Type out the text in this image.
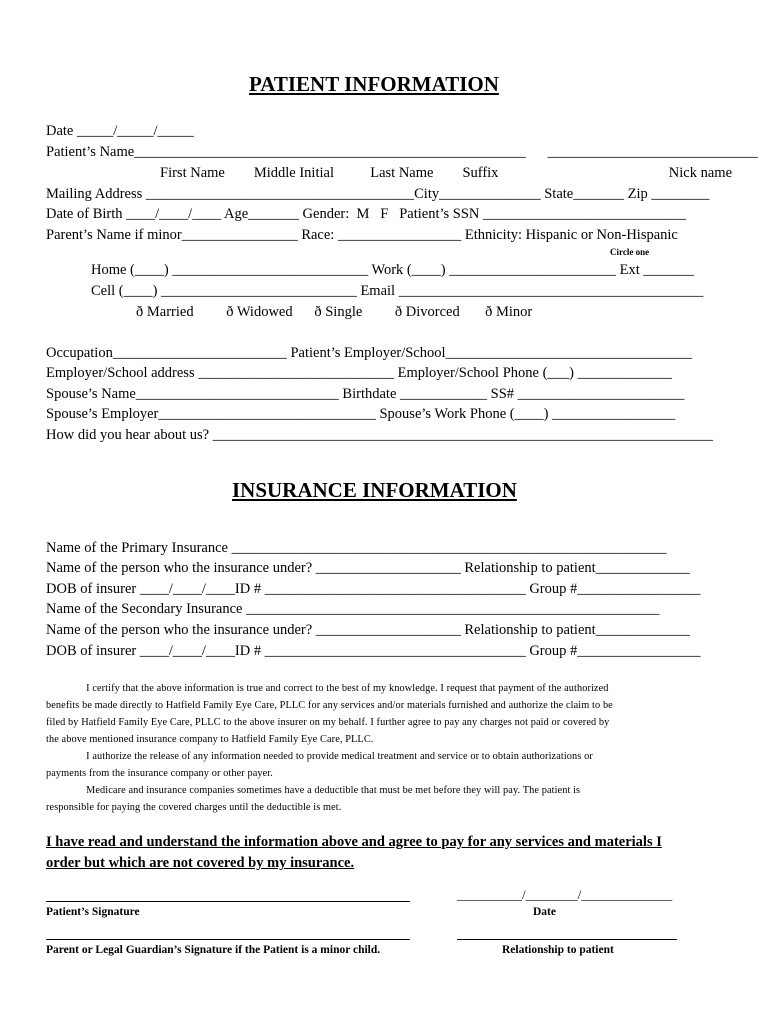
PATIENT INFORMATION
Date _____/_____/_____
Patient’s Name______________________________________________________      _____________________________
First Name        Middle Initial          Last Name        Suffix                                               Nick name
Mailing Address _____________________________________City______________ State_______ Zip ________
Date of Birth ____/____/____ Age_______ Gender:  M   F   Patient’s SSN ____________________________
Parent’s Name if minor________________ Race: _________________ Ethnicity: Hispanic or Non-Hispanic
Circle one
Home (____) ___________________________ Work (____) _______________________ Ext _______
Cell (____) ___________________________ Email __________________________________________
ð Married         ð Widowed      ð Single         ð Divorced       ð Minor
Occupation________________________ Patient’s Employer/School__________________________________
Employer/School address ___________________________ Employer/School Phone (___) _____________
Spouse’s Name____________________________ Birthdate ____________ SS# _______________________
Spouse’s Employer______________________________ Spouse’s Work Phone (____) _________________
How did you hear about us? _____________________________________________________________________
INSURANCE INFORMATION
Name of the Primary Insurance ____________________________________________________________
Name of the person who the insurance under? ____________________ Relationship to patient_____________
DOB of insurer ____/____/____ID # ____________________________________ Group #_________________
Name of the Secondary Insurance _________________________________________________________
Name of the person who the insurance under? ____________________ Relationship to patient_____________
DOB of insurer ____/____/____ID # ____________________________________ Group #_________________
I certify that the above information is true and correct to the best of my knowledge. I request that payment of the authorized
benefits be made directly to Hatfield Family Eye Care, PLLC for any services and/or materials furnished and authorize the claim to be
filed by Hatfield Family Eye Care, PLLC to the above insurer on my behalf. I further agree to pay any charges not paid or covered by
the above mentioned insurance company to Hatfield Family Eye Care, PLLC.
I authorize the release of any information needed to provide medical treatment and service or to obtain authorizations or
payments from the insurance company or other payer.
Medicare and insurance companies sometimes have a deductible that must be met before they will pay. The patient is
responsible for paying the covered charges until the deductible is met.
I have read and understand the information above and agree to pay for any services and materials I
order but which are not covered by my insurance.
__________/________/______________
Patient’s Signature	Date
Parent or Legal Guardian’s Signature if the Patient is a minor child.	Relationship to patient
